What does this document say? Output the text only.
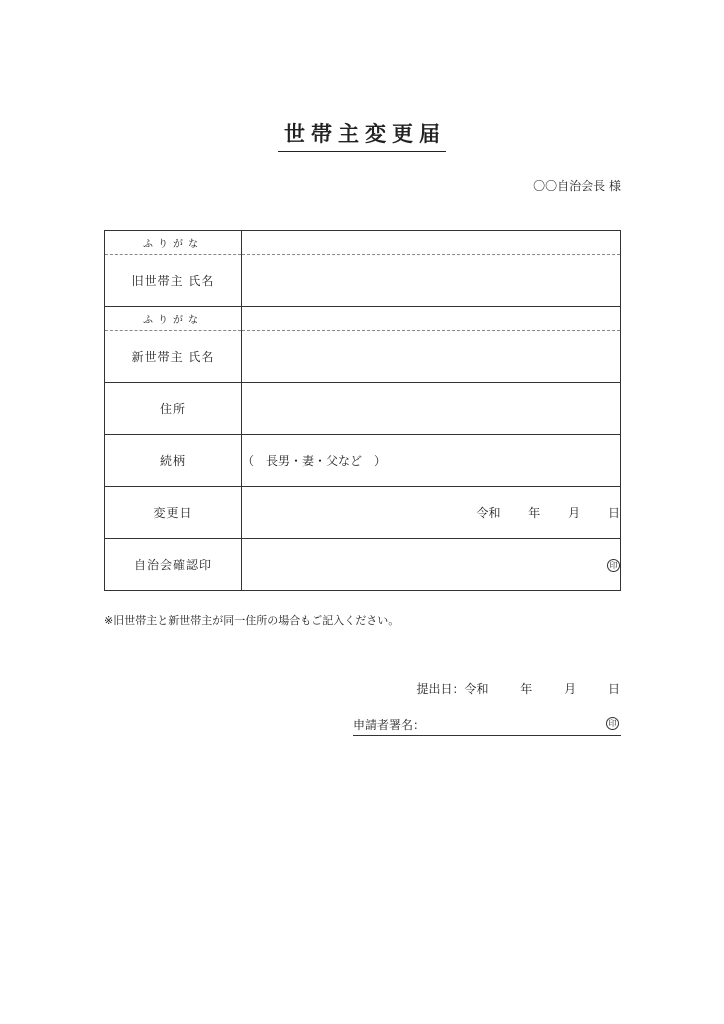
世帯主変更届
〇〇自治会長 様
ふりがな	
旧世帯主 氏名	
ふりがな	
新世帯主 氏名	
住所	
続柄	（　長男・妻・父など　）
変更日	令和 年 月 日
自治会確認印	印
※旧世帯主と新世帯主が同一住所の場合もご記入ください。
提出日：令和	年	月	日
申請者署名：	印
